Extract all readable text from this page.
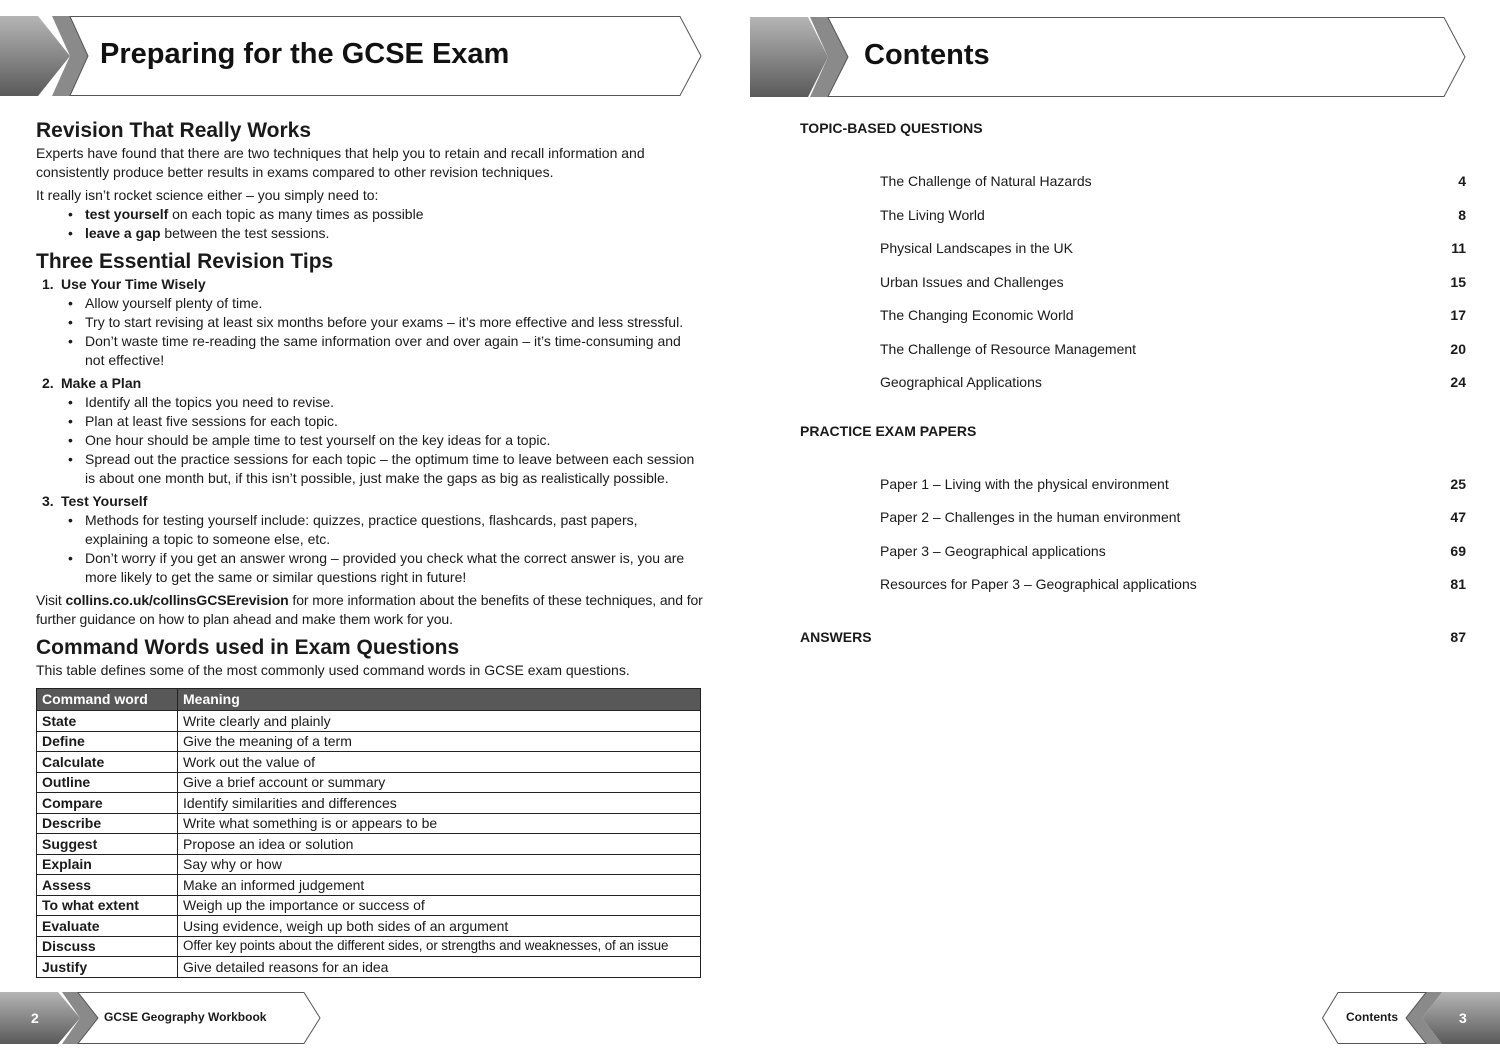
Preparing for the GCSE Exam
Revision That Really Works

Experts have found that there are two techniques that help you to retain and recall information and consistently produce better results in exams compared to other revision techniques.

It really isn’t rocket science either – you simply need to:

• test yourself on each topic as many times as possible
• leave a gap between the test sessions.
Three Essential Revision Tips
1. Use Your Time Wisely
• Allow yourself plenty of time.
• Try to start revising at least six months before your exams – it’s more effective and less stressful.
• Don’t waste time re-reading the same information over and over again – it’s time-consuming and not effective!
2. Make a Plan
• Identify all the topics you need to revise.
• Plan at least five sessions for each topic.
• One hour should be ample time to test yourself on the key ideas for a topic.
• Spread out the practice sessions for each topic – the optimum time to leave between each session is about one month but, if this isn’t possible, just make the gaps as big as realistically possible.
3. Test Yourself
• Methods for testing yourself include: quizzes, practice questions, flashcards, past papers, explaining a topic to someone else, etc.
• Don’t worry if you get an answer wrong – provided you check what the correct answer is, you are more likely to get the same or similar questions right in future!

Visit collins.co.uk/collinsGCSErevision for more information about the benefits of these techniques, and for further guidance on how to plan ahead and make them work for you.

Command Words used in Exam Questions

This table defines some of the most commonly used command words in GCSE exam questions.

Command word	Meaning
State	Write clearly and plainly
Define	Give the meaning of a term
Calculate	Work out the value of
Outline	Give a brief account or summary
Compare	Identify similarities and differences
Describe	Write what something is or appears to be
Suggest	Propose an idea or solution
Explain	Say why or how
Assess	Make an informed judgement
To what extent	Weigh up the importance or success of
Evaluate	Using evidence, weigh up both sides of an argument
Discuss	Offer key points about the different sides, or strengths and weaknesses, of an issue
Justify	Give detailed reasons for an idea
2	GCSE Geography Workbook
Contents
TOPIC-BASED QUESTIONS
The Challenge of Natural Hazards	4
The Living World	8
Physical Landscapes in the UK	11
Urban Issues and Challenges	15
The Changing Economic World	17
The Challenge of Resource Management	20
Geographical Applications	24
PRACTICE EXAM PAPERS
Paper 1 – Living with the physical environment	25
Paper 2 – Challenges in the human environment	47
Paper 3 – Geographical applications	69
Resources for Paper 3 – Geographical applications	81
ANSWERS	87
Contents	3
